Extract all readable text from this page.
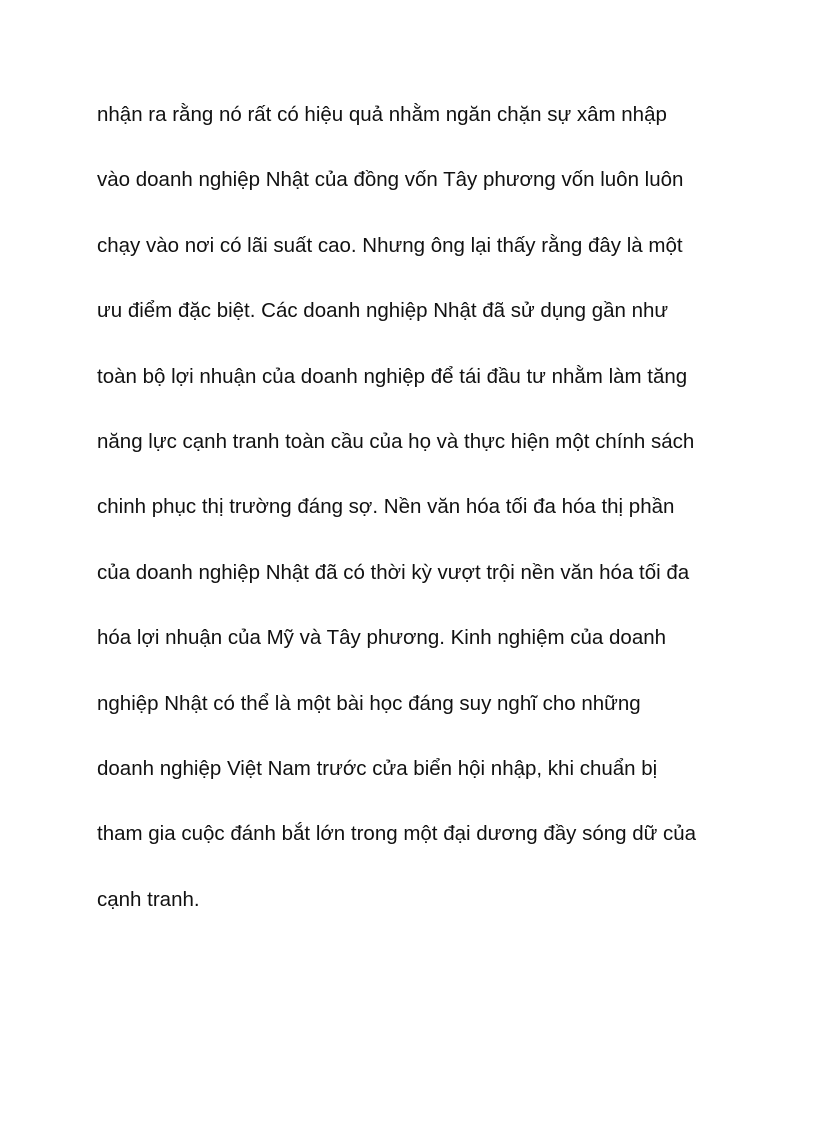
nhận ra rằng nó rất có hiệu quả nhằm ngăn chặn sự xâm nhập
vào doanh nghiệp Nhật của đồng vốn Tây phương vốn luôn luôn
chạy vào nơi có lãi suất cao. Nhưng ông lại thấy rằng đây là một
ưu điểm đặc biệt. Các doanh nghiệp Nhật đã sử dụng gần như
toàn bộ lợi nhuận của doanh nghiệp để tái đầu tư nhằm làm tăng
năng lực cạnh tranh toàn cầu của họ và thực hiện một chính sách
chinh phục thị trường đáng sợ. Nền văn hóa tối đa hóa thị phần
của doanh nghiệp Nhật đã có thời kỳ vượt trội nền văn hóa tối đa
hóa lợi nhuận của Mỹ và Tây phương. Kinh nghiệm của doanh
nghiệp Nhật có thể là một bài học đáng suy nghĩ cho những
doanh nghiệp Việt Nam trước cửa biển hội nhập, khi chuẩn bị
tham gia cuộc đánh bắt lớn trong một đại dương đầy sóng dữ của
cạnh tranh.
